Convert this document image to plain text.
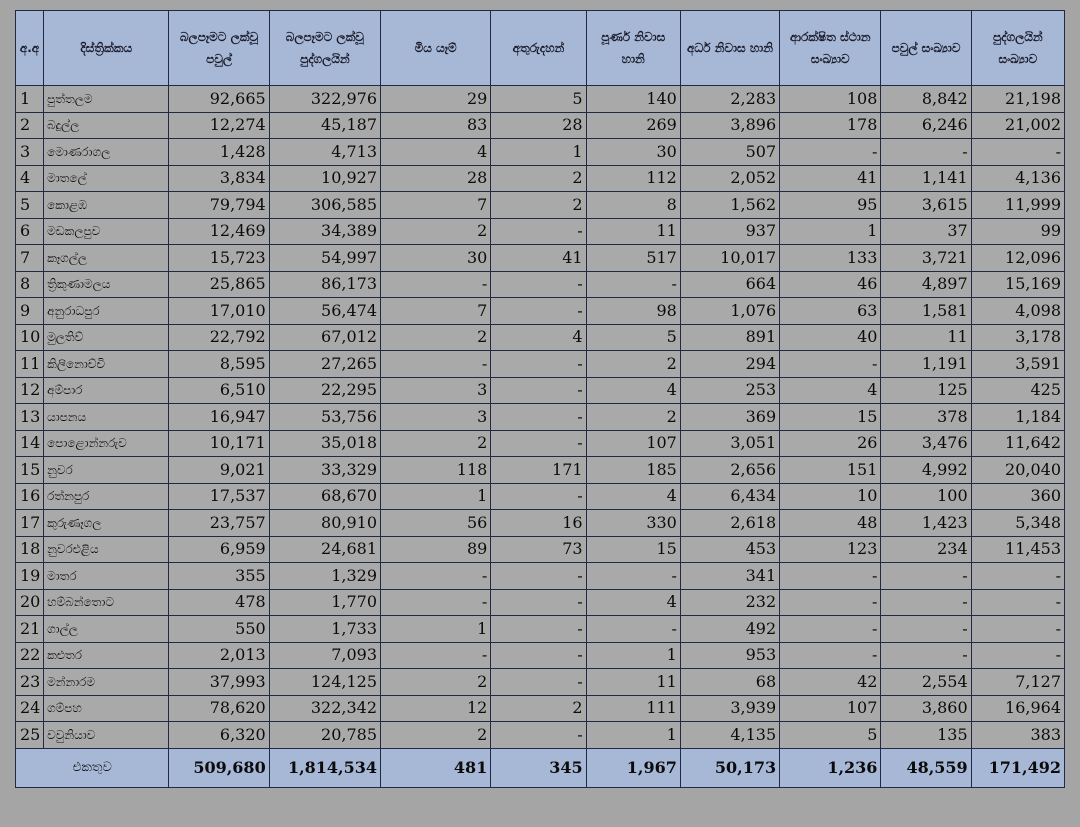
අ.අ	දිස්ත්‍රික්කය	බලපෑමට ලක්වූ පවුල්	බලපෑමට ලක්වූ පුද්ගලයින්	මිය යෑම්	අතුරුදහන්	පූර්ණ නිවාස හානි	අර්ධ නිවාස හානි	ආරක්ෂිත ස්ථාන සංඛ්‍යාව	පවුල් සංඛ්‍යාව	පුද්ගලයින් සංඛ්‍යාව
1	පුත්තලම	92,665	322,976	29	5	140	2,283	108	8,842	21,198
2	බදුල්ල	12,274	45,187	83	28	269	3,896	178	6,246	21,002
3	මොණරාගල	1,428	4,713	4	1	30	507	-	-	-
4	මාතලේ	3,834	10,927	28	2	112	2,052	41	1,141	4,136
5	කොළඹ	79,794	306,585	7	2	8	1,562	95	3,615	11,999
6	මඩකලපුව	12,469	34,389	2	-	11	937	1	37	99
7	කෑගල්ල	15,723	54,997	30	41	517	10,017	133	3,721	12,096
8	ත්‍රිකුණාමලය	25,865	86,173	-	-	-	664	46	4,897	15,169
9	අනුරාධපුර	17,010	56,474	7	-	98	1,076	63	1,581	4,098
10	මුලතිව්	22,792	67,012	2	4	5	891	40	11	3,178
11	කිලිනොච්චි	8,595	27,265	-	-	2	294	-	1,191	3,591
12	අම්පාර	6,510	22,295	3	-	4	253	4	125	425
13	යාපනය	16,947	53,756	3	-	2	369	15	378	1,184
14	පොළොන්නරුව	10,171	35,018	2	-	107	3,051	26	3,476	11,642
15	නුවර	9,021	33,329	118	171	185	2,656	151	4,992	20,040
16	රත්නපුර	17,537	68,670	1	-	4	6,434	10	100	360
17	කුරුණෑගල	23,757	80,910	56	16	330	2,618	48	1,423	5,348
18	නුවරඑළිය	6,959	24,681	89	73	15	453	123	234	11,453
19	මාතර	355	1,329	-	-	-	341	-	-	-
20	හම්බන්තොට	478	1,770	-	-	4	232	-	-	-
21	ගාල්ල	550	1,733	1	-	-	492	-	-	-
22	කළුතර	2,013	7,093	-	-	1	953	-	-	-
23	මන්නාරම	37,993	124,125	2	-	11	68	42	2,554	7,127
24	ගම්පහ	78,620	322,342	12	2	111	3,939	107	3,860	16,964
25	වවුනියාව	6,320	20,785	2	-	1	4,135	5	135	383
එකතුව		509,680	1,814,534	481	345	1,967	50,173	1,236	48,559	171,492
